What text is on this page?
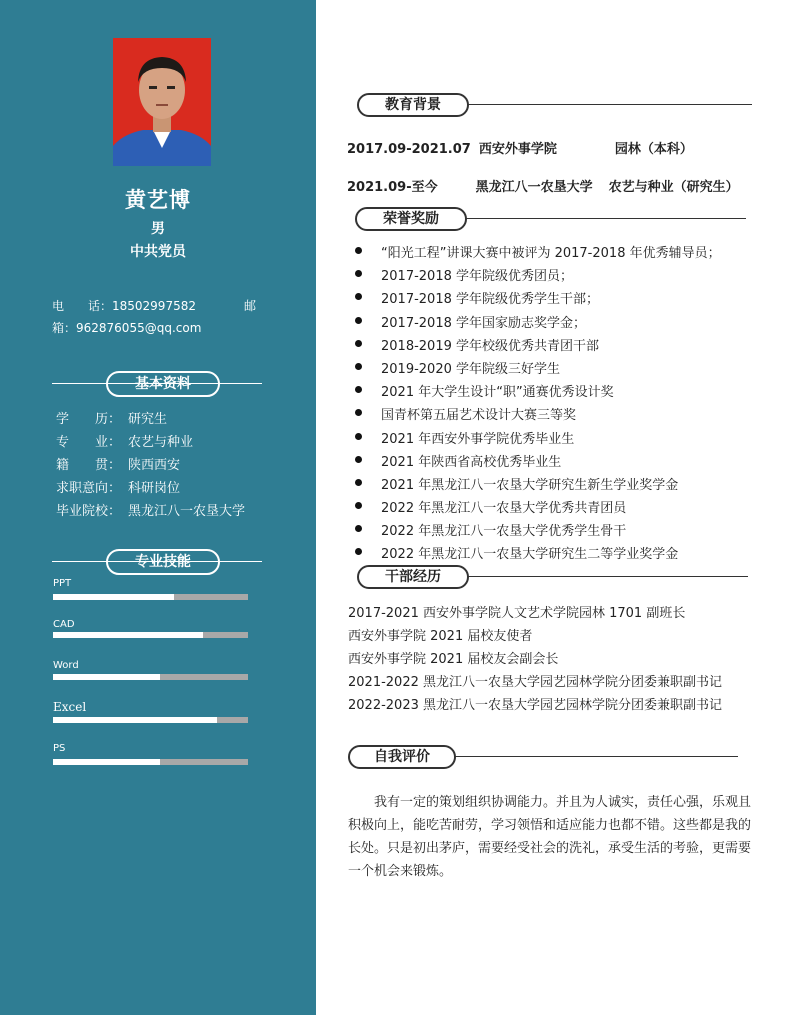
黄艺博
男
中共党员
电　　话：18502997582　　　　邮
箱：962876055@qq.com
基本资料
学　　历： 研究生
专　　业： 农艺与种业
籍　　贯： 陕西西安
求职意向： 科研岗位
毕业院校： 黑龙江八一农垦大学
专业技能
PPT
CAD
Word
Excel
PS
教育背景
2017.09-2021.07 西安外事学院	园林（本科）
2021.09-至今	黑龙江八一农垦大学 农艺与种业（研究生）
荣誉奖励
“阳光工程”讲课大赛中被评为 2017-2018 年优秀辅导员；
2017-2018 学年院级优秀团员；
2017-2018 学年院级优秀学生干部；
2017-2018 学年国家励志奖学金；
2018-2019 学年校级优秀共青团干部
2019-2020 学年院级三好学生
2021 年大学生设计“职”通赛优秀设计奖
国青杯第五届艺术设计大赛三等奖
2021 年西安外事学院优秀毕业生
2021 年陕西省高校优秀毕业生
2021 年黑龙江八一农垦大学研究生新生学业奖学金
2022 年黑龙江八一农垦大学优秀共青团员
2022 年黑龙江八一农垦大学优秀学生骨干
2022 年黑龙江八一农垦大学研究生二等学业奖学金
干部经历
2017-2021 西安外事学院人文艺术学院园林 1701 副班长
西安外事学院 2021 届校友使者
西安外事学院 2021 届校友会副会长
2021-2022 黑龙江八一农垦大学园艺园林学院分团委兼职副书记
2022-2023 黑龙江八一农垦大学园艺园林学院分团委兼职副书记
自我评价
　　我有一定的策划组织协调能力。并且为人诚实，责任心强，乐观且积极向上，能吃苦耐劳，学习领悟和适应能力也都不错。这些都是我的长处。只是初出茅庐，需要经受社会的洗礼，承受生活的考验，更需要一个机会来锻炼。
